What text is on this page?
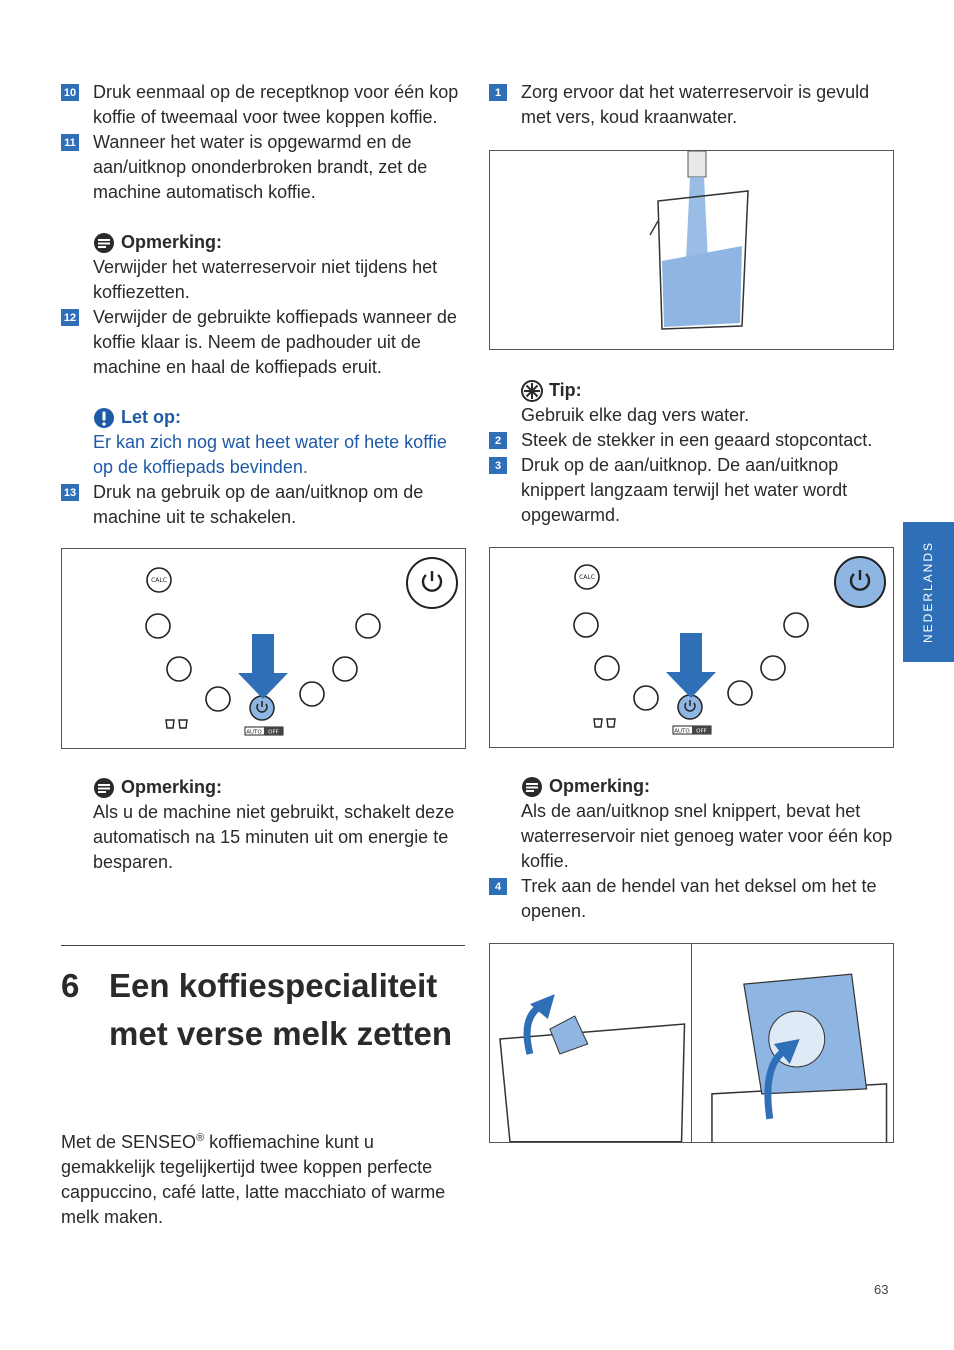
10 Druk eenmaal op de receptknop voor één kop koffie of tweemaal voor twee koppen koffie.

11 Wanneer het water is opgewarmd en de aan/uitknop ononderbroken brandt, zet de machine automatisch koffie.

Opmerking:

Verwijder het waterreservoir niet tijdens het koffiezetten.

12 Verwijder de gebruikte koffiepads wanneer de koffie klaar is. Neem de padhouder uit de machine en haal de koffiepads eruit.

Let op:

Er kan zich nog wat heet water of hete koffie op de koffiepads bevinden.

13 Druk na gebruik op de aan/uitknop om de machine uit te schakelen.

CALC
AUTO OFF
Opmerking:

Als u de machine niet gebruikt, schakelt deze automatisch na 15 minuten uit om energie te besparen.

1	Zorg ervoor dat het waterreservoir is gevuld met vers, koud kraanwater.

Tip:

Gebruik elke dag vers water.

2	Steek de stekker in een geaard stopcontact.

3	Druk op de aan/uitknop. De aan/uitknop knippert langzaam terwijl het water wordt opgewarmd.

CALC
AUTO OFF
Opmerking:

Als de aan/uitknop snel knippert, bevat het waterreservoir niet genoeg water voor één kop koffie.

4	Trek aan de hendel van het deksel om het te openen.

6 Een koffiespecialiteit met verse melk zetten

Met de SENSEO® koffiemachine kunt u gemakkelijk tegelijkertijd twee koppen perfecte cappuccino, café latte, latte macchiato of warme melk maken.

NEDERLANDS
63
